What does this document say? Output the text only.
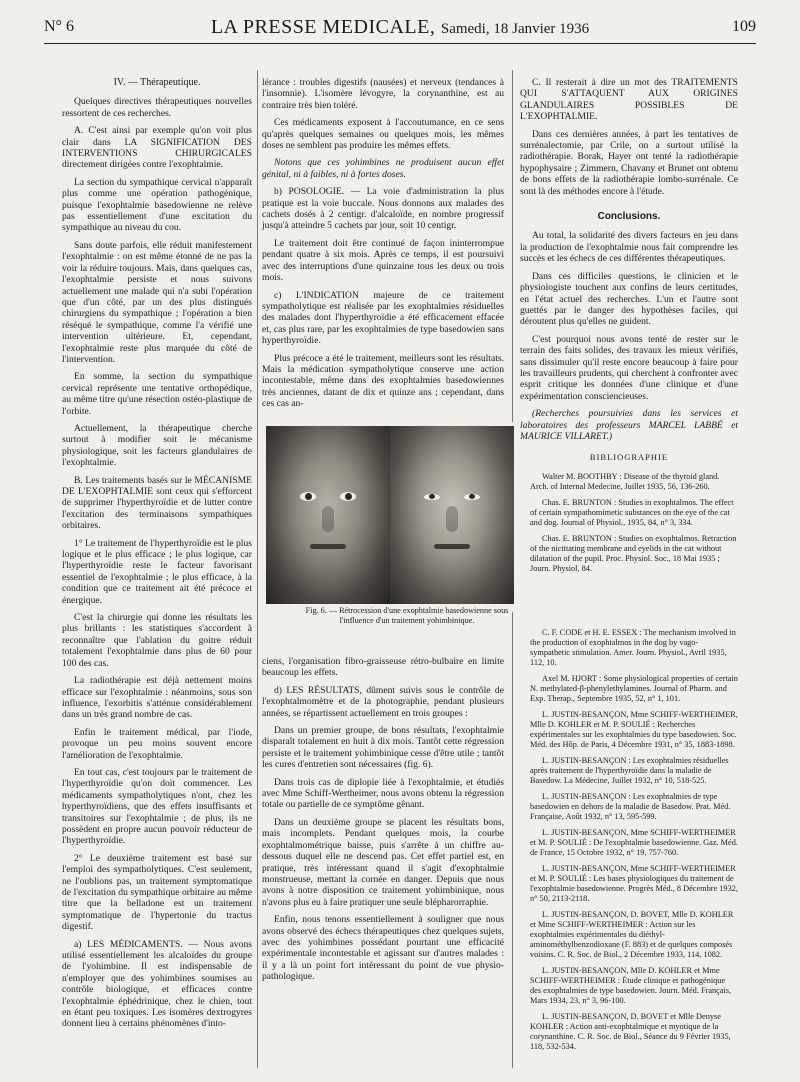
N° 6	LA PRESSE MEDICALE, Samedi, 18 Janvier 1936	109
IV. — Thérapeutique.

Quelques directives thérapeutiques nouvelles ressortent de ces recherches.

A. C'est ainsi par exemple qu'on voit plus clair dans LA SIGNIFICATION DES INTERVENTIONS CHIRURGICALES directement dirigées contre l'exophtalmie.

La section du sympathique cervical n'apparaît plus comme une opération pathogénique, puisque l'exophtalmie basedowienne ne relève pas essentiellement d'une excitation du sympathique au niveau du cou.

Sans doute parfois, elle réduit manifestement l'exophtalmie : on est même étonné de ne pas la voir la réduire toujours. Mais, dans quelques cas, l'exophtalmie persiste et nous suivons actuellement une malade qui n'a subi l'opération que d'un côté, par un des plus distingués chirurgiens du sympathique ; l'opération a bien réséqué le sympathique, comme l'a vérifié une intervention ultérieure. Et, cependant, l'exophtalmie reste plus marquée du côté de l'intervention.

En somme, la section du sympathique cervical représente une tentative orthopédique, au même titre qu'une résection ostéo-plastique de l'orbite.

Actuellement, la thérapeutique cherche surtout à modifier soit le mécanisme physiologique, soit les facteurs glandulaires de l'exophtalmie.

B. Les traitements basés sur le MÉCANISME DE L'EXOPHTALMIE sont ceux qui s'efforcent de supprimer l'hyperthyroïdie et de lutter contre l'excitation des terminaisons sympathiques orbitaires.

1° Le traitement de l'hyperthyroïdie est le plus logique et le plus efficace ; le plus logique, car l'hyperthyroïdie reste le facteur favorisant essentiel de l'exophtalmie ; le plus efficace, à la condition que ce traitement ait été précoce et énergique.

C'est la chirurgie qui donne les résultats les plus brillants : les statistiques s'accordent à reconnaître que l'ablation du goitre réduit totalement l'exophtalmie dans plus de 60 pour 100 des cas.

La radiothérapie est déjà nettement moins efficace sur l'exophtalmie : néanmoins, sous son influence, l'exorbitis s'atténue considérablement dans un très grand nombre de cas.

Enfin le traitement médical, par l'iode, provoque un peu moins souvent encore l'amélioration de l'exophtalmie.

En tout cas, c'est toujours par le traitement de l'hyperthyroïdie qu'on doit commencer. Les médicaments sympatholytiques n'ont, chez les hyperthyroïdiens, que des effets insuffisants et transitoires sur l'exophtalmie ; de plus, ils ne possèdent en propre aucun pouvoir réducteur de l'hyperthyroïdie.

2° Le deuxième traitement est basé sur l'emploi des sympatholytiques. C'est seulement, ne l'oublions pas, un traitement symptomatique de l'excitation du sympathique orbitaire au même titre que la belladone est un traitement symptomatique de l'hypertonie du tractus digestif.

a) LES MÉDICAMENTS. — Nous avons utilisé essentiellement les alcaloïdes du groupe de l'yohimbine. Il est indispensable de n'employer que des yohimbines soumises au contrôle biologique, et efficaces contre l'exophtalmie éphédrinique, chez le chien, tout en étant peu toxiques. Les isomères dextrogyres donnent lieu à certains phénomènes d'into-

lérance : troubles digestifs (nausées) et nerveux (tendances à l'insomnie). L'isomère lévogyre, la corynanthine, est au contraire très bien toléré.

Ces médicaments exposent à l'accoutumance, en ce sens qu'après quelques semaines ou quelques mois, les mêmes doses ne semblent pas produire les mêmes effets.

Notons que ces yohimbines ne produisent aucun effet génital, ni à faibles, ni à fortes doses.

b) POSOLOGIE. — La voie d'administration la plus pratique est la voie buccale. Nous donnons aux malades des cachets dosés à 2 centigr. d'alcaloïde, en nombre progressif jusqu'à atteindre 5 cachets par jour, soit 10 centigr.

Le traitement doit être continué de façon ininterrompue pendant quatre à six mois. Après ce temps, il est poursuivi avec des interruptions d'une quinzaine tous les deux ou trois mois.

c) L'INDICATION majeure de ce traitement sympatholytique est réalisée par les exophtalmies résiduelles des malades dont l'hyperthyroïdie a été efficacement effacée et, cas plus rare, par les exophtalmies de type basedowien sans hyperthyroïdie.

Plus précoce a été le traitement, meilleurs sont les résultats. Mais la médication sympatholytique conserve une action incontestable, même dans des exophtalmies basedowiennes très anciennes, datant de dix et quinze ans ; cependant, dans ces cas an-

Fig. 6. — Rétrocession d'une exophtalmie basedowienne sous l'influence d'un traitement yohimbinique.

ciens, l'organisation fibro-graisseuse rétro-bulbaire en limite beaucoup les effets.

d) LES RÉSULTATS, dûment suivis sous le contrôle de l'exophtalmomètre et de la photographie, pendant plusieurs années, se répartissent actuellement en trois groupes :

Dans un premier groupe, de bons résultats, l'exophtalmie disparaît totalement en huit à dix mois. Tantôt cette régression persiste et le traitement yohimbinique cesse d'être utile ; tantôt les cures d'entretien sont nécessaires (fig. 6).

Dans trois cas de diplopie liée à l'exophtalmie, et étudiés avec Mme Schiff-Wertheimer, nous avons obtenu la régression totale ou partielle de ce symptôme gênant.

Dans un deuxième groupe se placent les résultats bons, mais incomplets. Pendant quelques mois, la courbe exophtalmométrique baisse, puis s'arrête à un chiffre au-dessous duquel elle ne descend pas. Cet effet partiel est, en pratique, très intéressant quand il s'agit d'exophtalmie monstrueuse, mettant la cornée en danger. Depuis que nous avons à notre disposition ce traitement yohimbinique, nous n'avons plus eu à faire pratiquer une seule blépharorraphie.

Enfin, nous tenons essentiellement à souligner que nous avons observé des échecs thérapeutiques chez quelques sujets, avec des yohimbines possédant pourtant une efficacité expérimentale incontestable et agissant sur d'autres malades : il y a là un point fort intéressant du point de vue physio-pathologique.

C. Il resterait à dire un mot des TRAITEMENTS QUI S'ATTAQUENT AUX ORIGINES GLANDULAIRES POSSIBLES DE L'EXOPHTALMIE.

Dans ces dernières années, à part les tentatives de surrénalectomie, par Crile, on a surtout utilisé la radiothérapie. Borak, Hayer ont tenté la radiothérapie hypophysaire ; Zimmern, Chavany et Brunet ont obtenu de bons effets de la radiothérapie lombo-surrénale. Ce sont là des méthodes encore à l'étude.

Conclusions.

Au total, la solidarité des divers facteurs en jeu dans la production de l'exophtalmie nous fait comprendre les succès et les échecs de ces différentes thérapeutiques.

Dans ces difficiles questions, le clinicien et le physiologiste touchent aux confins de leurs certitudes, en l'état actuel des recherches. L'un et l'autre sont guettés par le danger des hypothèses faciles, qui déroutent plus qu'elles ne guident.

C'est pourquoi nous avons tenté de rester sur le terrain des faits solides, des travaux les mieux vérifiés, sans dissimuler qu'il reste encore beaucoup à faire pour les travailleurs prudents, qui cherchent à confronter avec esprit critique les données d'une clinique et d'une expérimentation consciencieuses.

(Recherches poursuivies dans les services et laboratoires des professeurs MARCEL LABBÉ et MAURICE VILLARET.)

BIBLIOGRAPHIE

Walter M. BOOTHBY : Disease of the thyroid gland. Arch. of Internal Medecine, Juillet 1935, 56, 136-260.

Chas. E. BRUNTON : Studies in exophtalmos. The effect of certain sympathomimetic substances on the eye of the cat and dog. Journal of Physiol., 1935, 84, n° 3, 334.

Chas. E. BRUNTON : Studies on exophtalmos. Retraction of the nictitating membrane and eyelids in the cat without dilatation of the pupil. Proc. Physiol. Soc., 18 Mai 1935 ; Journ. Physiol, 84.

C. F. CODE et H. E. ESSEX : The mechanism involved in the production of exophtalmos in the dog by vago-sympathetic stimulation. Amer. Journ. Physiol., Avril 1935, 112, 10.

Axel M. HJORT : Some physiological properties of certain N. methylated-β-phenylethylamines. Journal of Pharm. and Exp. Therap., Septembre 1935, 52, n° 1, 101.

L. JUSTIN-BESANÇON, Mme SCHIFF-WERTHEIMER, Mlle D. KOHLER et M. P. SOULIÉ : Recherches expérimentales sur les exophtalmies du type basedowien. Soc. Méd. des Hôp. de Paris, 4 Décembre 1931, n° 35, 1883-1898.

L. JUSTIN-BESANÇON : Les exophtalmies résiduelles après traitement de l'hyperthyroïdie dans la maladie de Basedow. La Médecine, Juillet 1932, n° 10, 518-525.

L. JUSTIN-BESANÇON : Les exophtalmies de type basedowien en dehors de la maladie de Basedow. Prat. Méd. Française, Août 1932, n° 13, 595-599.

L. JUSTIN-BESANÇON, Mme SCHIFF-WERTHEIMER et M. P. SOULIÉ : De l'exophtalmie basedowienne. Gaz. Méd. de France, 15 Octobre 1932, n° 19, 757-760.

L. JUSTIN-BESANÇON, Mme SCHIFF-WERTHEIMER et M. P. SOULIÉ : Les bases physiologiques du traitement de l'exophtalmie basedowienne. Progrès Méd., 8 Décembre 1932, n° 50, 2113-2118.

L. JUSTIN-BESANÇON, D. BOVET, Mlle D. KOHLER et Mme SCHIFF-WERTHEIMER : Action sur les exophtalmies expérimentales du diéthyl-aminométhylbenzodioxane (F. 883) et de quelques composés voisins. C. R. Soc. de Biol., 2 Décembre 1933, 114, 1082.

L. JUSTIN-BESANÇON, Mlle D. KOHLER et Mme SCHIFF-WERTHEIMER : Étude clinique et pathogénique des exophtalmies de type basedowien. Journ. Méd. Français, Mars 1934, 23, n° 3, 96-100.

L. JUSTIN-BESANÇON, D. BOVET et Mlle Denyse KOHLER : Action anti-exophtalmique et myotique de la corynanthine. C. R. Soc. de Biol., Séance du 9 Février 1935, 118, 532-534.
